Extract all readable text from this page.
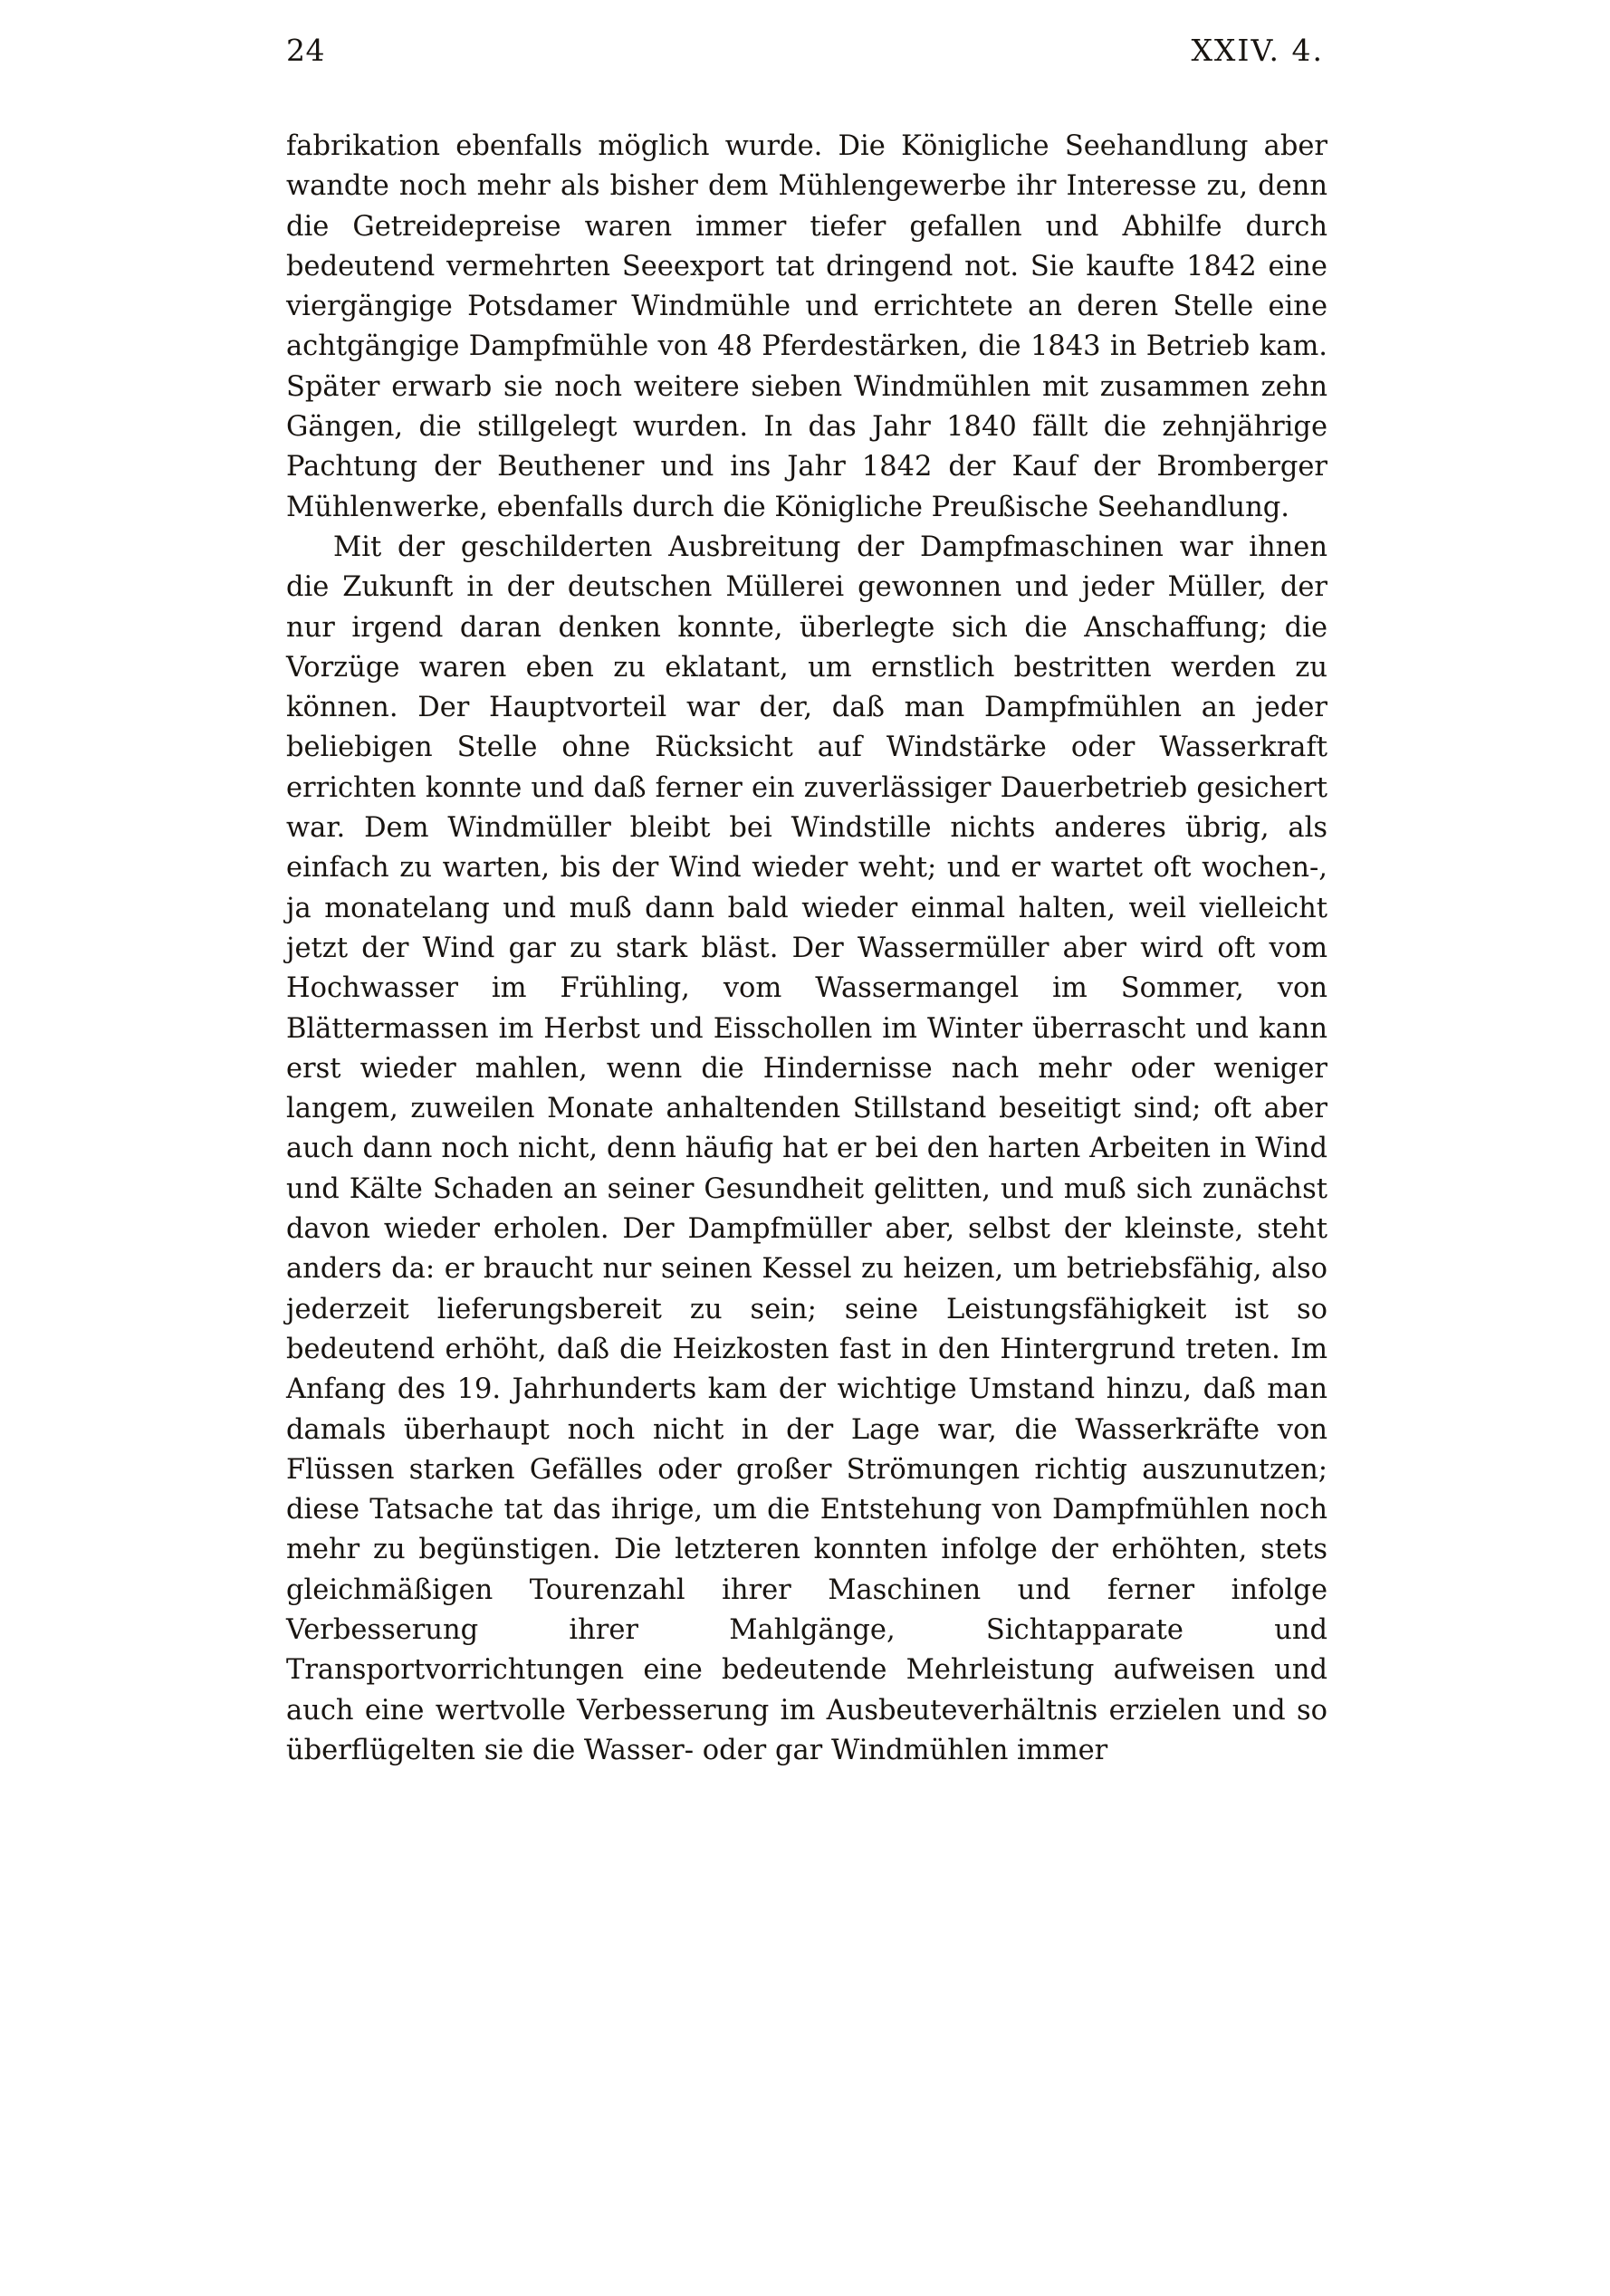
24	XXIV. 4.

fabrikation ebenfalls möglich wurde. Die Königliche Seehandlung aber wandte noch mehr als bisher dem Mühlengewerbe ihr Interesse zu, denn die Getreidepreise waren immer tiefer gefallen und Abhilfe durch bedeutend vermehrten Seeexport tat dringend not. Sie kaufte 1842 eine viergängige Potsdamer Windmühle und errichtete an deren Stelle eine achtgängige Dampfmühle von 48 Pferdestärken, die 1843 in Betrieb kam. Später erwarb sie noch weitere sieben Windmühlen mit zusammen zehn Gängen, die stillgelegt wurden. In das Jahr 1840 fällt die zehnjährige Pachtung der Beuthener und ins Jahr 1842 der Kauf der Bromberger Mühlenwerke, ebenfalls durch die Königliche Preußische Seehandlung.

Mit der geschilderten Ausbreitung der Dampfmaschinen war ihnen die Zukunft in der deutschen Müllerei gewonnen und jeder Müller, der nur irgend daran denken konnte, überlegte sich die Anschaffung; die Vorzüge waren eben zu eklatant, um ernstlich bestritten werden zu können. Der Hauptvorteil war der, daß man Dampfmühlen an jeder beliebigen Stelle ohne Rücksicht auf Windstärke oder Wasserkraft errichten konnte und daß ferner ein zuverlässiger Dauerbetrieb gesichert war. Dem Windmüller bleibt bei Windstille nichts anderes übrig, als einfach zu warten, bis der Wind wieder weht; und er wartet oft wochen-, ja monatelang und muß dann bald wieder einmal halten, weil vielleicht jetzt der Wind gar zu stark bläst. Der Wassermüller aber wird oft vom Hochwasser im Frühling, vom Wassermangel im Sommer, von Blättermassen im Herbst und Eisschollen im Winter überrascht und kann erst wieder mahlen, wenn die Hindernisse nach mehr oder weniger langem, zuweilen Monate anhaltenden Stillstand beseitigt sind; oft aber auch dann noch nicht, denn häufig hat er bei den harten Arbeiten in Wind und Kälte Schaden an seiner Gesundheit gelitten, und muß sich zunächst davon wieder erholen. Der Dampfmüller aber, selbst der kleinste, steht anders da: er braucht nur seinen Kessel zu heizen, um betriebsfähig, also jederzeit lieferungsbereit zu sein; seine Leistungsfähigkeit ist so bedeutend erhöht, daß die Heizkosten fast in den Hintergrund treten. Im Anfang des 19. Jahrhunderts kam der wichtige Umstand hinzu, daß man damals überhaupt noch nicht in der Lage war, die Wasserkräfte von Flüssen starken Gefälles oder großer Strömungen richtig auszunutzen; diese Tatsache tat das ihrige, um die Entstehung von Dampfmühlen noch mehr zu begünstigen. Die letzteren konnten infolge der erhöhten, stets gleichmäßigen Tourenzahl ihrer Maschinen und ferner infolge Verbesserung ihrer Mahlgänge, Sichtapparate und Transportvorrichtungen eine bedeutende Mehrleistung aufweisen und auch eine wertvolle Verbesserung im Ausbeuteverhältnis erzielen und so überflügelten sie die Wasser- oder gar Windmühlen immer
